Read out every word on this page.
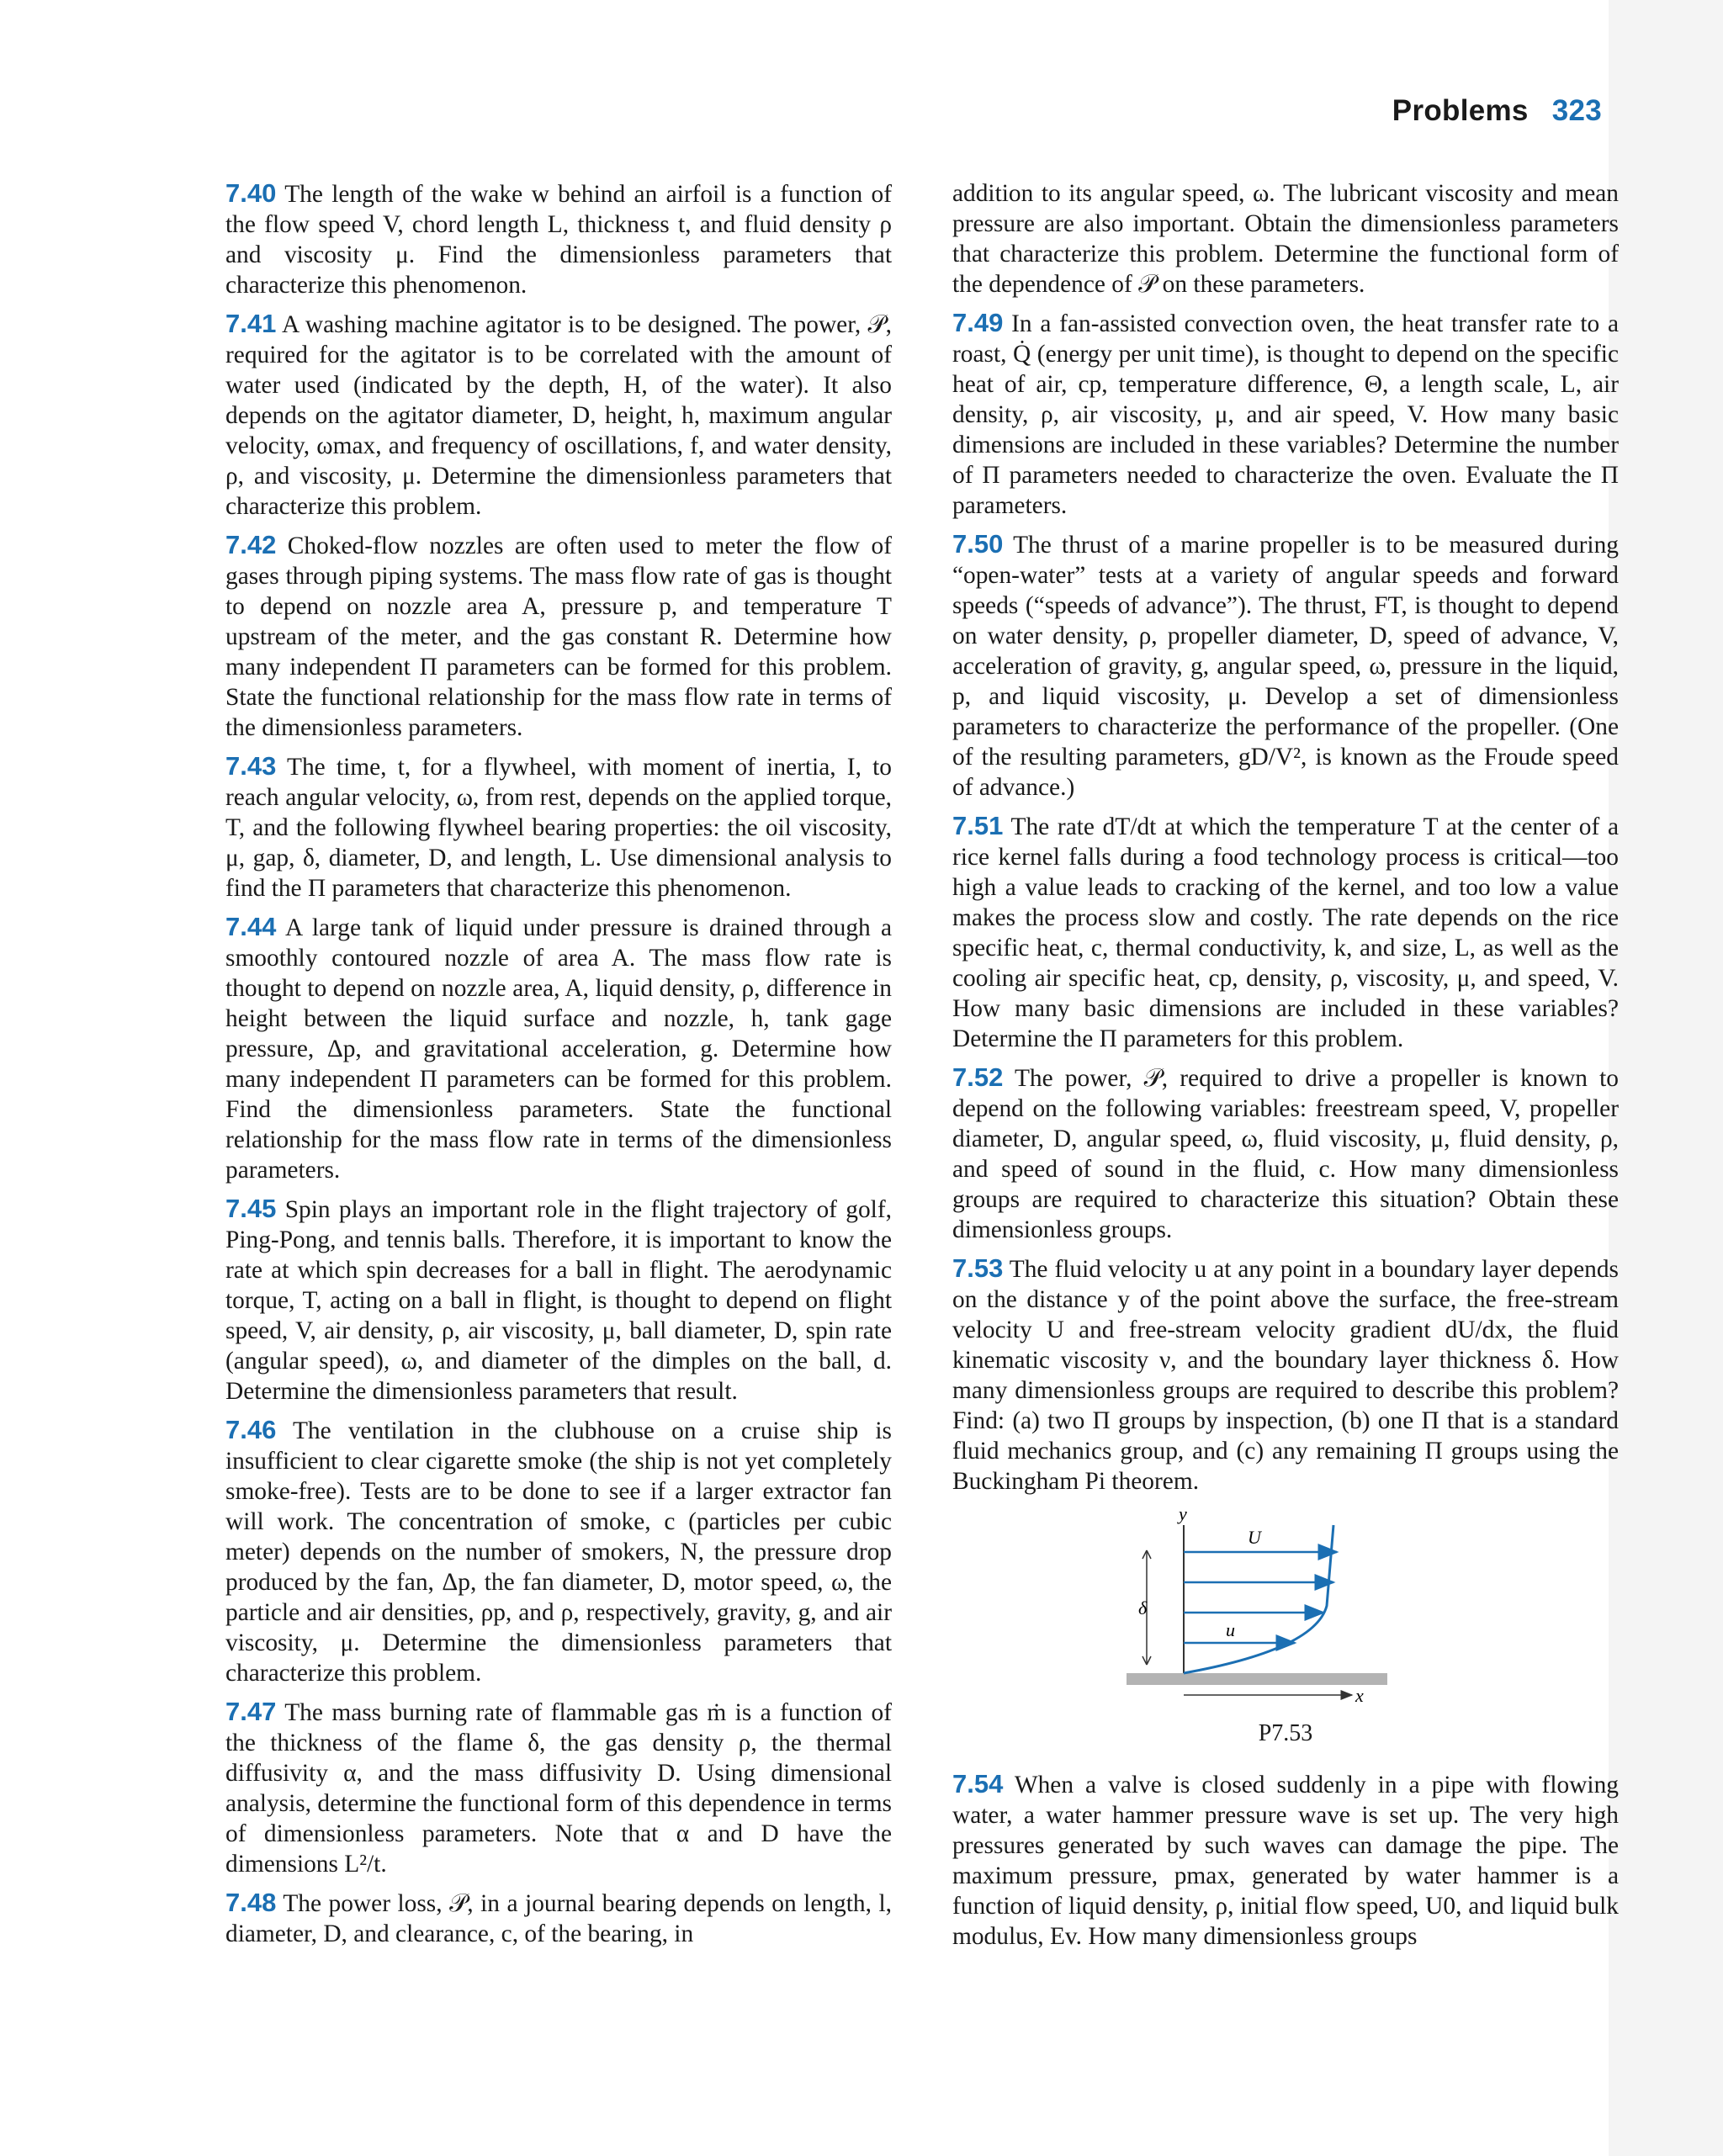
Problems 323

7.40 The length of the wake w behind an airfoil is a function of the flow speed V, chord length L, thickness t, and fluid density ρ and viscosity μ. Find the dimensionless parameters that characterize this phenomenon.

7.41 A washing machine agitator is to be designed. The power, 𝒫, required for the agitator is to be correlated with the amount of water used (indicated by the depth, H, of the water). It also depends on the agitator diameter, D, height, h, maximum angular velocity, ωmax, and frequency of oscillations, f, and water density, ρ, and viscosity, μ. Determine the dimensionless parameters that characterize this problem.

7.42 Choked-flow nozzles are often used to meter the flow of gases through piping systems. The mass flow rate of gas is thought to depend on nozzle area A, pressure p, and temperature T upstream of the meter, and the gas constant R. Determine how many independent Π parameters can be formed for this problem. State the functional relationship for the mass flow rate in terms of the dimensionless parameters.

7.43 The time, t, for a flywheel, with moment of inertia, I, to reach angular velocity, ω, from rest, depends on the applied torque, T, and the following flywheel bearing properties: the oil viscosity, μ, gap, δ, diameter, D, and length, L. Use dimensional analysis to find the Π parameters that characterize this phenomenon.

7.44 A large tank of liquid under pressure is drained through a smoothly contoured nozzle of area A. The mass flow rate is thought to depend on nozzle area, A, liquid density, ρ, difference in height between the liquid surface and nozzle, h, tank gage pressure, Δp, and gravitational acceleration, g. Determine how many independent Π parameters can be formed for this problem. Find the dimensionless parameters. State the functional relationship for the mass flow rate in terms of the dimensionless parameters.

7.45 Spin plays an important role in the flight trajectory of golf, Ping-Pong, and tennis balls. Therefore, it is important to know the rate at which spin decreases for a ball in flight. The aerodynamic torque, T, acting on a ball in flight, is thought to depend on flight speed, V, air density, ρ, air viscosity, μ, ball diameter, D, spin rate (angular speed), ω, and diameter of the dimples on the ball, d. Determine the dimensionless parameters that result.

7.46 The ventilation in the clubhouse on a cruise ship is insufficient to clear cigarette smoke (the ship is not yet completely smoke-free). Tests are to be done to see if a larger extractor fan will work. The concentration of smoke, c (particles per cubic meter) depends on the number of smokers, N, the pressure drop produced by the fan, Δp, the fan diameter, D, motor speed, ω, the particle and air densities, ρp, and ρ, respectively, gravity, g, and air viscosity, μ. Determine the dimensionless parameters that characterize this problem.

7.47 The mass burning rate of flammable gas ṁ is a function of the thickness of the flame δ, the gas density ρ, the thermal diffusivity α, and the mass diffusivity D. Using dimensional analysis, determine the functional form of this dependence in terms of dimensionless parameters. Note that α and D have the dimensions L²/t.

7.48 The power loss, 𝒫, in a journal bearing depends on length, l, diameter, D, and clearance, c, of the bearing, in

addition to its angular speed, ω. The lubricant viscosity and mean pressure are also important. Obtain the dimensionless parameters that characterize this problem. Determine the functional form of the dependence of 𝒫 on these parameters.

7.49 In a fan-assisted convection oven, the heat transfer rate to a roast, Q̇ (energy per unit time), is thought to depend on the specific heat of air, cp, temperature difference, Θ, a length scale, L, air density, ρ, air viscosity, μ, and air speed, V. How many basic dimensions are included in these variables? Determine the number of Π parameters needed to characterize the oven. Evaluate the Π parameters.

7.50 The thrust of a marine propeller is to be measured during “open-water” tests at a variety of angular speeds and forward speeds (“speeds of advance”). The thrust, FT, is thought to depend on water density, ρ, propeller diameter, D, speed of advance, V, acceleration of gravity, g, angular speed, ω, pressure in the liquid, p, and liquid viscosity, μ. Develop a set of dimensionless parameters to characterize the performance of the propeller. (One of the resulting parameters, gD/V², is known as the Froude speed of advance.)

7.51 The rate dT/dt at which the temperature T at the center of a rice kernel falls during a food technology process is critical—too high a value leads to cracking of the kernel, and too low a value makes the process slow and costly. The rate depends on the rice specific heat, c, thermal conductivity, k, and size, L, as well as the cooling air specific heat, cp, density, ρ, viscosity, μ, and speed, V. How many basic dimensions are included in these variables? Determine the Π parameters for this problem.

7.52 The power, 𝒫, required to drive a propeller is known to depend on the following variables: freestream speed, V, propeller diameter, D, angular speed, ω, fluid viscosity, μ, fluid density, ρ, and speed of sound in the fluid, c. How many dimensionless groups are required to characterize this situation? Obtain these dimensionless groups.

7.53 The fluid velocity u at any point in a boundary layer depends on the distance y of the point above the surface, the free-stream velocity U and free-stream velocity gradient dU/dx, the fluid kinematic viscosity ν, and the boundary layer thickness δ. How many dimensionless groups are required to describe this problem? Find: (a) two Π groups by inspection, (b) one Π that is a standard fluid mechanics group, and (c) any remaining Π groups using the Buckingham Pi theorem.

y
U
δ
u
x
P7.53

7.54 When a valve is closed suddenly in a pipe with flowing water, a water hammer pressure wave is set up. The very high pressures generated by such waves can damage the pipe. The maximum pressure, pmax, generated by water hammer is a function of liquid density, ρ, initial flow speed, U0, and liquid bulk modulus, Ev. How many dimensionless groups
